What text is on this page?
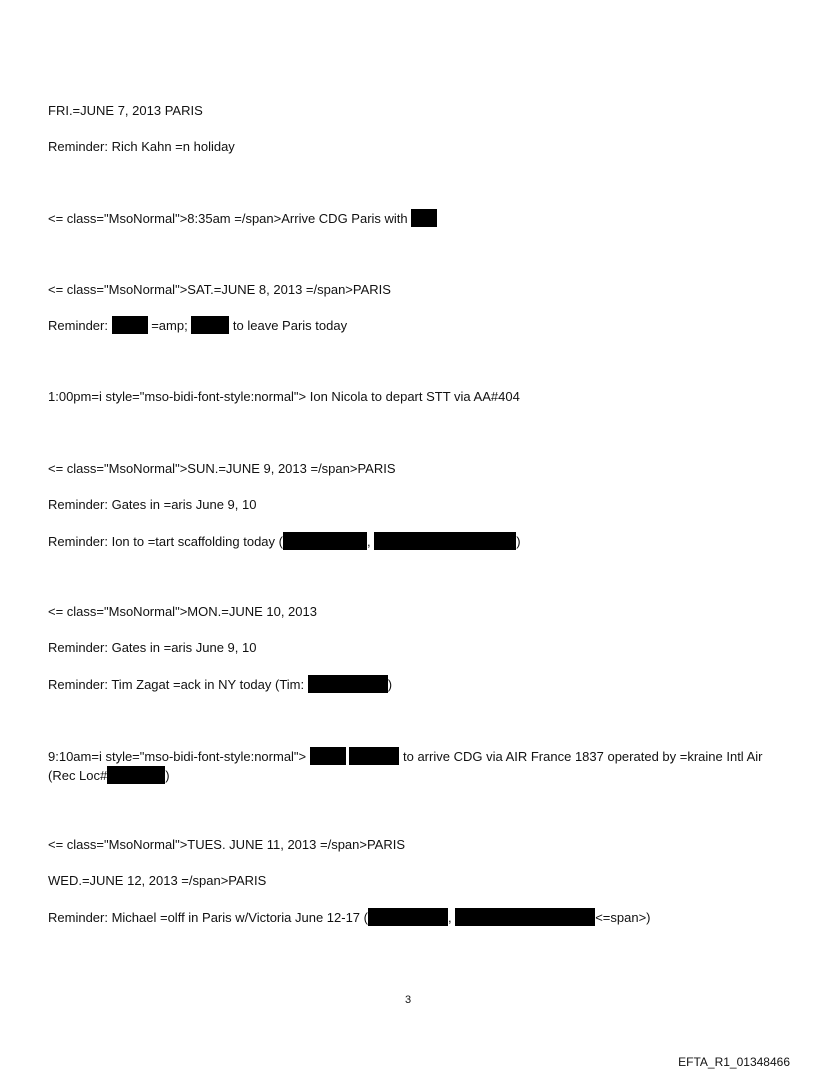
FRI.=JUNE 7, 2013 PARIS
Reminder: Rich Kahn =n holiday
<= class="MsoNormal">8:35am =/span>Arrive CDG Paris with
<= class="MsoNormal">SAT.=JUNE 8, 2013 =/span>PARIS
Reminder:	=amp;	to leave Paris today
1:00pm=i style="mso-bidi-font-style:normal"> Ion Nicola to depart STT via AA#404
<= class="MsoNormal">SUN.=JUNE 9, 2013 =/span>PARIS
Reminder: Gates in =aris June 9, 10
Reminder: Ion to =tart scaffolding today (	,	)
<= class="MsoNormal">MON.=JUNE 10, 2013
Reminder: Gates in =aris June 9, 10
Reminder: Tim Zagat =ack in NY today (Tim:	)
9:10am=i style="mso-bidi-font-style:normal">	to arrive CDG via AIR France 1837 operated by =kraine Intl Air (Rec Loc#	)
<= class="MsoNormal">TUES. JUNE 11, 2013 =/span>PARIS
WED.=JUNE 12, 2013 =/span>PARIS
Reminder: Michael =olff in Paris w/Victoria June 12-17 (	,	<=span>)
3
EFTA_R1_01348466
